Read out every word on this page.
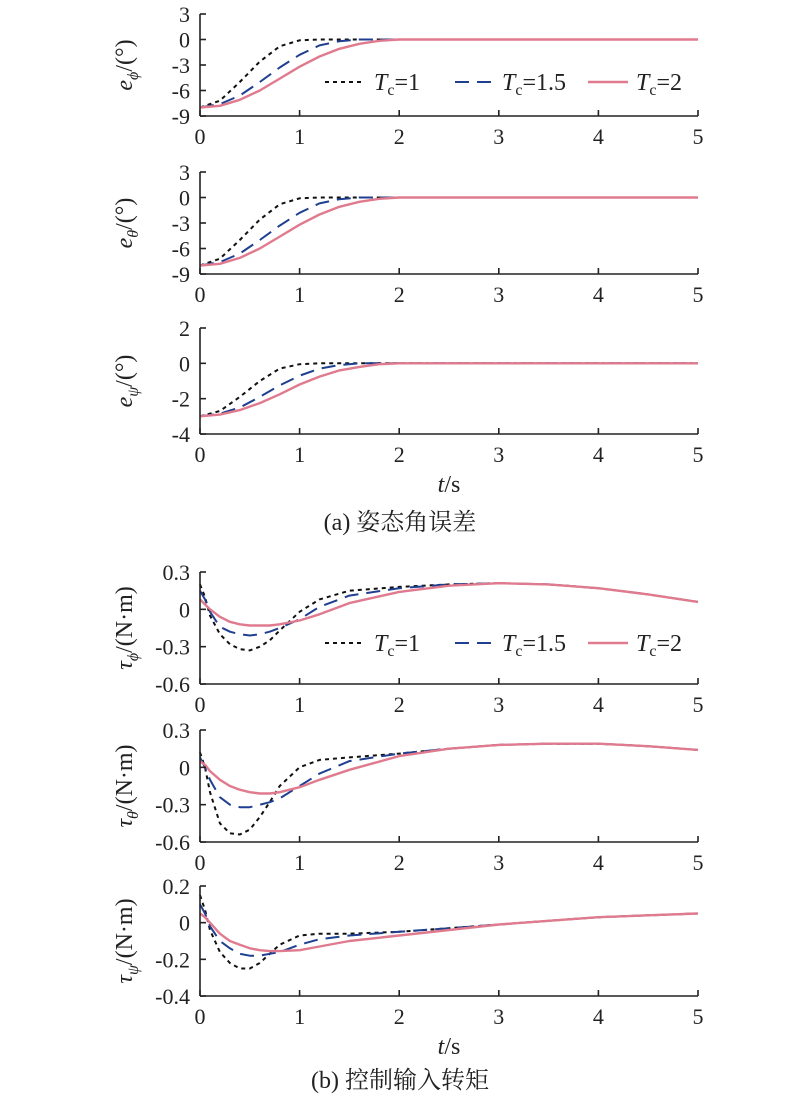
3
0
-3
-6
-9
0	1	2	3	4	5
$e_\phi/(^\circ)$
3
0
-3
-6
-9
0	1	2	3	4	5
$e_\theta/(^\circ)$
2
0
-2
-4
0	1	2	3	4	5
$e_\psi/(^\circ)$
t/s
0.3
0
-0.3
-0.6
0	1	2	3	4	5
$\tau_\phi/(N\cdot m)$
0.3
0
-0.3
-0.6
0	1	2	3	4	5
$\tau_\theta/(N\cdot m)$
0.2
0
-0.2
-0.4
0	1	2	3	4	5
$\tau_\psi/(N\cdot m)$
t/s
$T_c=1$	$T_c=1.5$	$T_c=2$
$T_c=1$	$T_c=1.5$	$T_c=2$
(a) 姿态角误差
(b) 控制输入转矩
